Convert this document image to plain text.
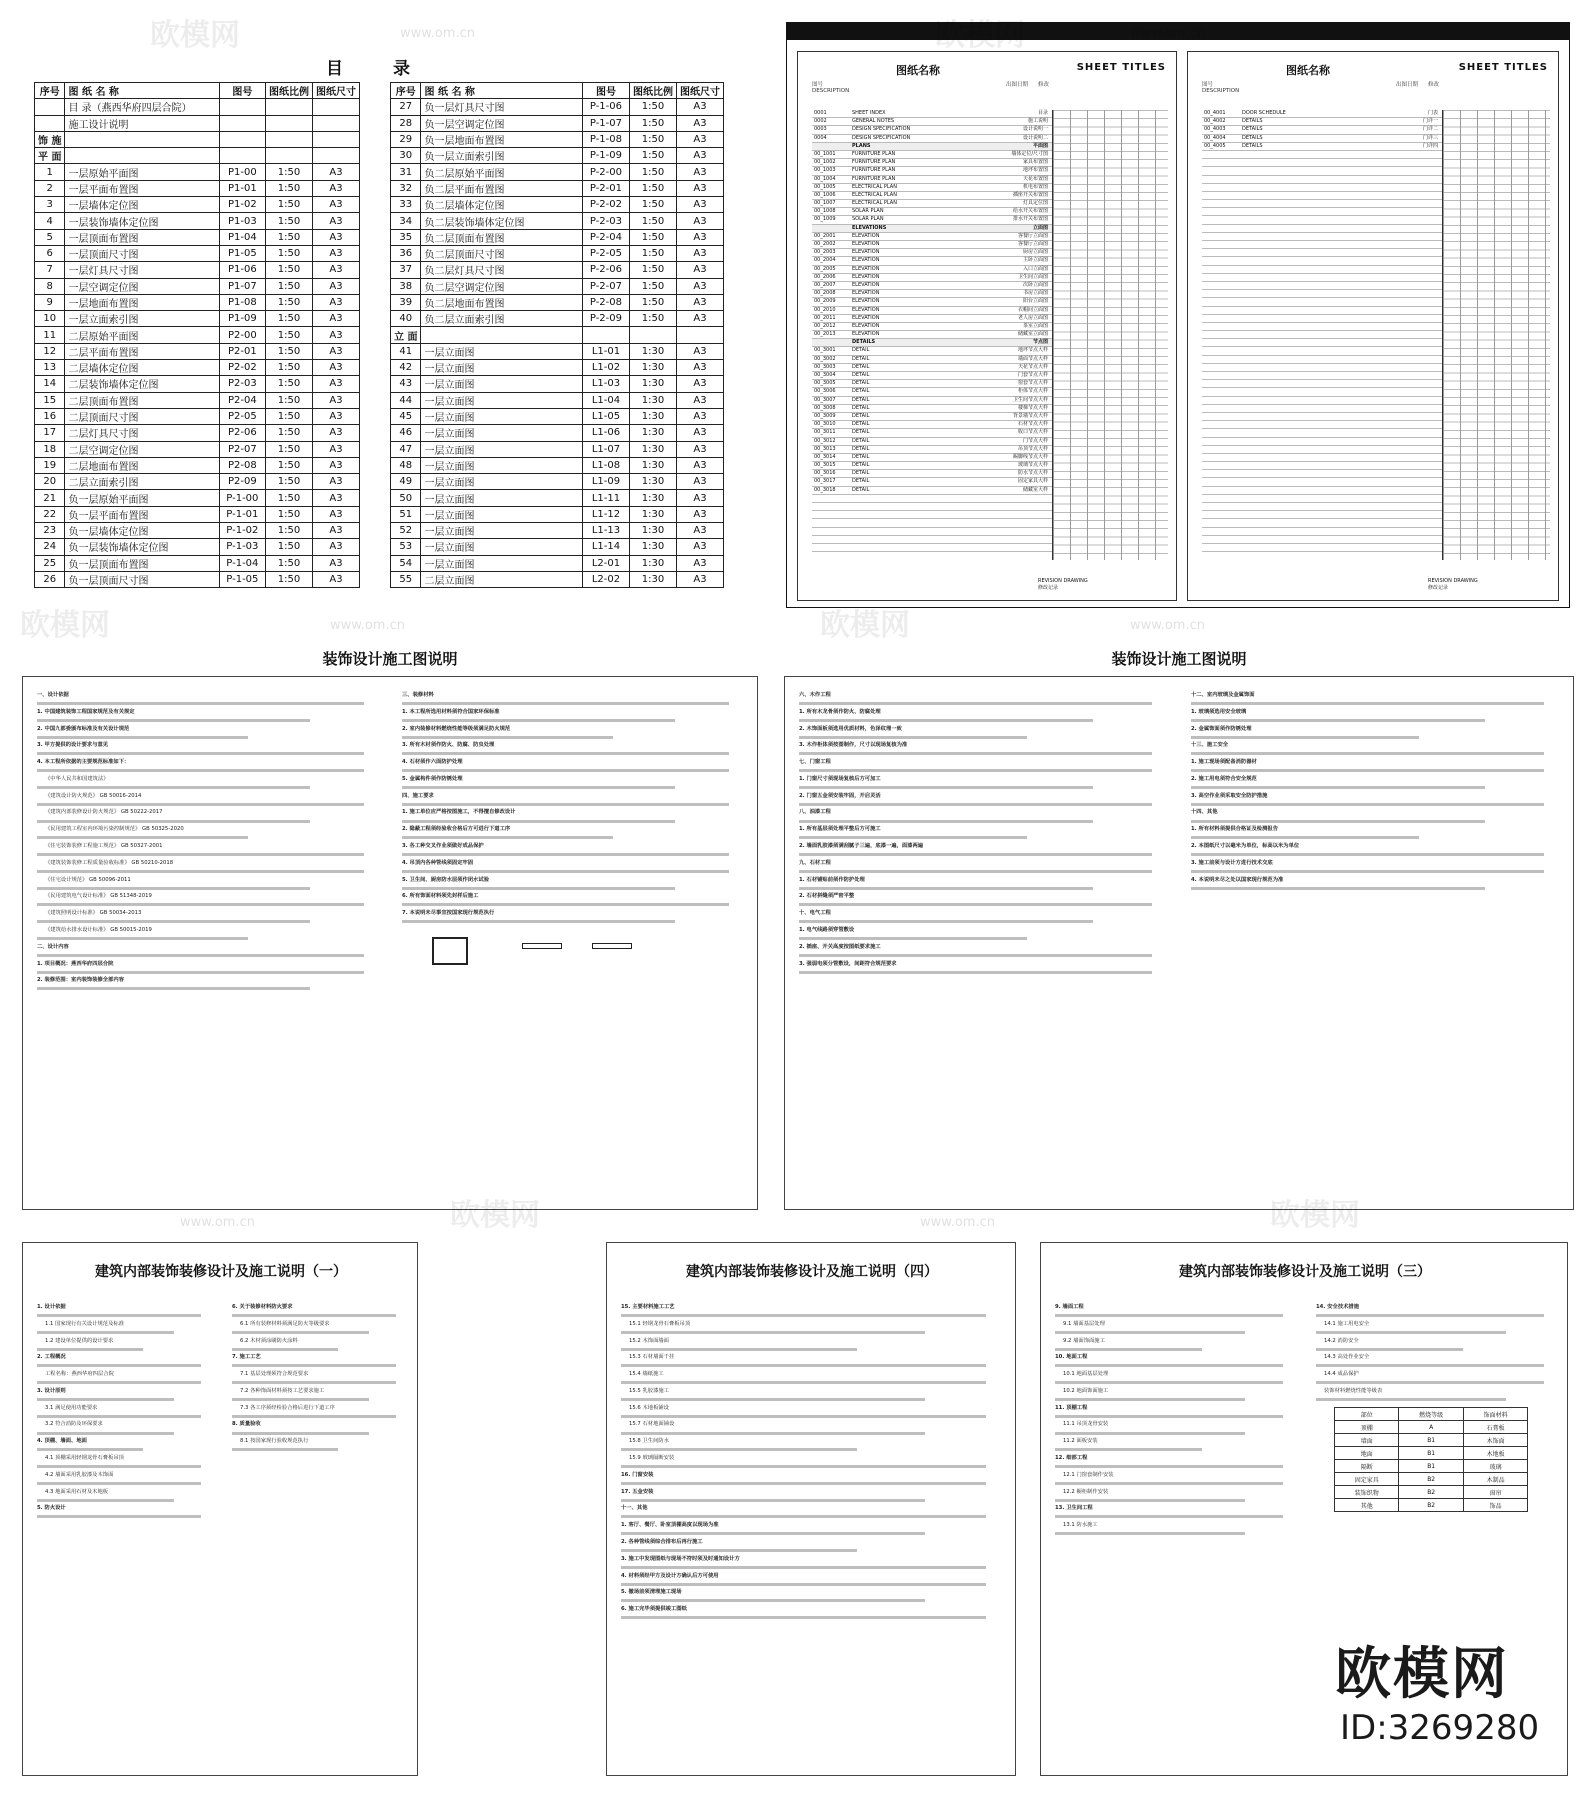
目 录
序号	图 纸 名 称	图号	图纸比例	图纸尺寸
	目 录（燕西华府四层合院）			
	施工设计说明			
饰 施				
平 面				
1	一层原始平面图	P1-00	1:50	A3
2	一层平面布置图	P1-01	1:50	A3
3	一层墙体定位图	P1-02	1:50	A3
4	一层装饰墙体定位图	P1-03	1:50	A3
5	一层顶面布置图	P1-04	1:50	A3
6	一层顶面尺寸图	P1-05	1:50	A3
7	一层灯具尺寸图	P1-06	1:50	A3
8	一层空调定位图	P1-07	1:50	A3
9	一层地面布置图	P1-08	1:50	A3
10	一层立面索引图	P1-09	1:50	A3
11	二层原始平面图	P2-00	1:50	A3
12	二层平面布置图	P2-01	1:50	A3
13	二层墙体定位图	P2-02	1:50	A3
14	二层装饰墙体定位图	P2-03	1:50	A3
15	二层顶面布置图	P2-04	1:50	A3
16	二层顶面尺寸图	P2-05	1:50	A3
17	二层灯具尺寸图	P2-06	1:50	A3
18	二层空调定位图	P2-07	1:50	A3
19	二层地面布置图	P2-08	1:50	A3
20	二层立面索引图	P2-09	1:50	A3
21	负一层原始平面图	P-1-00	1:50	A3
22	负一层平面布置图	P-1-01	1:50	A3
23	负一层墙体定位图	P-1-02	1:50	A3
24	负一层装饰墙体定位图	P-1-03	1:50	A3
25	负一层顶面布置图	P-1-04	1:50	A3
26	负一层顶面尺寸图	P-1-05	1:50	A3
序号	图 纸 名 称	图号	图纸比例	图纸尺寸
27	负一层灯具尺寸图	P-1-06	1:50	A3
28	负一层空调定位图	P-1-07	1:50	A3
29	负一层地面布置图	P-1-08	1:50	A3
30	负一层立面索引图	P-1-09	1:50	A3
31	负二层原始平面图	P-2-00	1:50	A3
32	负二层平面布置图	P-2-01	1:50	A3
33	负二层墙体定位图	P-2-02	1:50	A3
34	负二层装饰墙体定位图	P-2-03	1:50	A3
35	负二层顶面布置图	P-2-04	1:50	A3
36	负二层顶面尺寸图	P-2-05	1:50	A3
37	负二层灯具尺寸图	P-2-06	1:50	A3
38	负二层空调定位图	P-2-07	1:50	A3
39	负二层地面布置图	P-2-08	1:50	A3
40	负二层立面索引图	P-2-09	1:50	A3
立 面				
41	一层立面图	L1-01	1:30	A3
42	一层立面图	L1-02	1:30	A3
43	一层立面图	L1-03	1:30	A3
44	一层立面图	L1-04	1:30	A3
45	一层立面图	L1-05	1:30	A3
46	一层立面图	L1-06	1:30	A3
47	一层立面图	L1-07	1:30	A3
48	一层立面图	L1-08	1:30	A3
49	一层立面图	L1-09	1:30	A3
50	一层立面图	L1-11	1:30	A3
51	一层立面图	L1-12	1:30	A3
52	一层立面图	L1-13	1:30	A3
53	一层立面图	L1-14	1:30	A3
54	一层立面图	L2-01	1:30	A3
55	二层立面图	L2-02	1:30	A3
图纸名称	SHEET TITLES
图号
DESCRIPTION
出图日期 修改
0001	SHEET INDEX	目录
0002	GENERAL NOTES	施工说明
0003	DESIGN SPECIFICATION	设计说明一
0004	DESIGN SPECIFICATION	设计说明二
PLANS	平面图
00_1001	FURNITURE PLAN	墙体定位/尺寸图
00_1002	FURNITURE PLAN	家具布置图
00_1003	FURNITURE PLAN	地坪布置图
00_1004	FURNITURE PLAN	天花布置图
00_1005	ELECTRICAL PLAN	机电布置图
00_1006	ELECTRICAL PLAN	插座开关布置图
00_1007	ELECTRICAL PLAN	灯具定位图
00_1008	SOLAR PLAN	给水开关布置图
00_1009	SOLAR PLAN	排水开关布置图
ELEVATIONS	立面图
00_2001	ELEVATION	客餐厅立面图
00_2002	ELEVATION	客餐厅立面图
00_2003	ELEVATION	厨房立面图
00_2004	ELEVATION	主卧立面图
00_2005	ELEVATION	入口立面图
00_2006	ELEVATION	卫生间立面图
00_2007	ELEVATION	次卧立面图
00_2008	ELEVATION	书房立面图
00_2009	ELEVATION	阳台立面图
00_2010	ELEVATION	衣帽间立面图
00_2011	ELEVATION	老人房立面图
00_2012	ELEVATION	茶室立面图
00_2013	ELEVATION	储藏室立面图
DETAILS	节点图
00_3001	DETAIL	地坪节点大样
00_3002	DETAIL	墙面节点大样
00_3003	DETAIL	天花节点大样
00_3004	DETAIL	门套节点大样
00_3005	DETAIL	窗套节点大样
00_3006	DETAIL	柜体节点大样
00_3007	DETAIL	卫生间节点大样
00_3008	DETAIL	楼梯节点大样
00_3009	DETAIL	背景墙节点大样
00_3010	DETAIL	石材节点大样
00_3011	DETAIL	收口节点大样
00_3012	DETAIL	门节点大样
00_3013	DETAIL	吊顶节点大样
00_3014	DETAIL	踢脚线节点大样
00_3015	DETAIL	玻璃节点大样
00_3016	DETAIL	防水节点大样
00_3017	DETAIL	固定家具大样
00_3018	DETAIL	储藏室大样
REVISION DRAWING
修改记录
图纸名称	SHEET TITLES
图号
DESCRIPTION
出图日期 修改
00_4001	DOOR SCHEDULE	门表
00_4002	DETAILS	门详一
00_4003	DETAILS	门详二
00_4004	DETAILS	门详三
00_4005	DETAILS	门详四
REVISION DRAWING
修改记录
装饰设计施工图说明
一、设计依据
1. 中国建筑装饰工程国家规范及有关规定
2. 中国九部委颁布标准及有关设计规范
3. 甲方提供的设计要求与意见
4. 本工程所依据的主要规范标准如下：
《中华人民共和国建筑法》
《建筑设计防火规范》 GB 50016-2014
《建筑内部装修设计防火规范》 GB 50222-2017
《民用建筑工程室内环境污染控制规范》 GB 50325-2020
《住宅装饰装修工程施工规范》 GB 50327-2001
《建筑装饰装修工程质量验收标准》 GB 50210-2018
《住宅设计规范》 GB 50096-2011
《民用建筑电气设计标准》 GB 51348-2019
《建筑照明设计标准》 GB 50034-2013
《建筑给水排水设计标准》 GB 50015-2019
二、设计内容
1. 项目概况：燕西华府四层合院
2. 装修范围：室内装饰装修全部内容
三、装修材料
1. 本工程所选用材料须符合国家环保标准
2. 室内装修材料燃烧性能等级须满足防火规范
3. 所有木材须作防火、防腐、防虫处理
4. 石材须作六面防护处理
5. 金属构件须作防锈处理
四、施工要求
1. 施工单位应严格按图施工，不得擅自修改设计
2. 隐蔽工程须经验收合格后方可进行下道工序
3. 各工种交叉作业须做好成品保护
4. 吊顶内各种管线须固定牢固
5. 卫生间、厨房防水层须作闭水试验
6. 所有饰面材料须先封样后施工
7. 本说明未尽事宜按国家现行规范执行
装饰设计施工图说明
六、木作工程
1. 所有木龙骨须作防火、防腐处理
2. 木饰面板须选用优质材料，色泽纹理一致
3. 木作柜体须按图制作，尺寸以现场复核为准
七、门窗工程
1. 门窗尺寸须现场复核后方可加工
2. 门窗五金须安装牢固，开启灵活
八、油漆工程
1. 所有基层须处理平整后方可施工
2. 墙面乳胶漆须满刮腻子三遍，底漆一遍，面漆两遍
九、石材工程
1. 石材铺贴前须作防护处理
2. 石材拼缝须严密平整
十、电气工程
1. 电气线路须穿管敷设
2. 插座、开关高度按图纸要求施工
3. 强弱电须分管敷设，间距符合规范要求
十二、室内玻璃及金属饰面
1. 玻璃须选用安全玻璃
2. 金属饰面须作防锈处理
十三、施工安全
1. 施工现场须配备消防器材
2. 施工用电须符合安全规范
3. 高空作业须采取安全防护措施
十四、其他
1. 所有材料须提供合格证及检测报告
2. 本图纸尺寸以毫米为单位，标高以米为单位
3. 施工前须与设计方进行技术交底
4. 本说明未尽之处以国家现行规范为准
建筑内部装饰装修设计及施工说明（一）
1. 设计依据
1.1 国家现行有关设计规范及标准
1.2 建设单位提供的设计要求
2. 工程概况
工程名称：燕西华府四层合院
3. 设计原则
3.1 满足使用功能要求
3.2 符合消防及环保要求
4. 顶棚、墙面、地面
4.1 顶棚采用轻钢龙骨石膏板吊顶
4.2 墙面采用乳胶漆及木饰面
4.3 地面采用石材及木地板
5. 防火设计
6. 关于装修材料防火要求
6.1 所有装修材料须满足防火等级要求
6.2 木材须涂刷防火涂料
7. 施工工艺
7.1 基层处理须符合规范要求
7.2 各种饰面材料须按工艺要求施工
7.3 各工序须经检验合格后进行下道工序
8. 质量验收
8.1 按国家现行验收规范执行
建筑内部装饰装修设计及施工说明（四）
15. 主要材料施工工艺
15.1 轻钢龙骨石膏板吊顶
15.2 木饰面墙面
15.3 石材墙面干挂
15.4 墙纸施工
15.5 乳胶漆施工
15.6 木地板铺设
15.7 石材地面铺设
15.8 卫生间防水
15.9 玻璃隔断安装
16. 门窗安装
17. 五金安装
十一、其他
1. 客厅、餐厅、卧室顶棚高度以现场为准
2. 各种管线须综合排布后再行施工
3. 施工中发现图纸与现场不符时须及时通知设计方
4. 材料须经甲方及设计方确认后方可使用
5. 撤场前须清理施工现场
6. 施工完毕须提供竣工图纸
建筑内部装饰装修设计及施工说明（三）
9. 墙面工程
9.1 墙面基层处理
9.2 墙面饰面施工
10. 地面工程
10.1 地面基层处理
10.2 地面饰面施工
11. 顶棚工程
11.1 吊顶龙骨安装
11.2 面板安装
12. 细部工程
12.1 门窗套制作安装
12.2 橱柜制作安装
13. 卫生间工程
13.1 防水施工
14. 安全技术措施
14.1 施工用电安全
14.2 消防安全
14.3 高处作业安全
14.4 成品保护
装饰材料燃烧性能等级表
部位	燃烧等级	饰面材料
顶棚	A	石膏板
墙面	B1	木饰面
地面	B1	木地板
隔断	B1	玻璃
固定家具	B2	木制品
装饰织物	B2	窗帘
其他	B2	饰品
欧模网	欧模网
欧模网	欧模网
欧模网	欧模网
www.om.cn	www.om.cn
www.om.cn	www.om.cn
www.om.cn	www.om.cn
欧模网
ID:3269280
